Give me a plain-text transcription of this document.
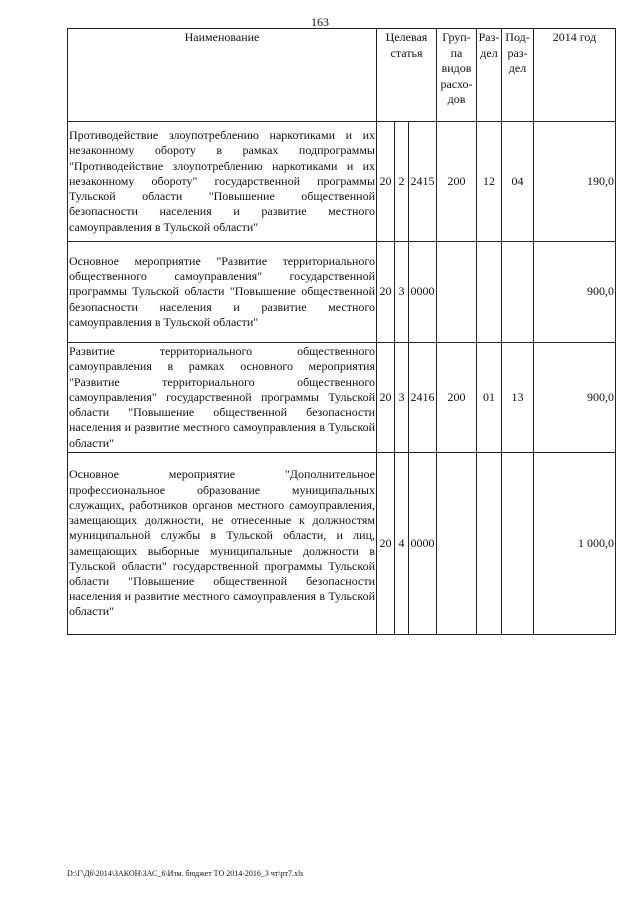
163
Наименование	Целевая статья			Груп-па видов расхо-дов	Раз-дел	Под-раз-дел	2014 год
Противодействие злоупотреблению наркотиками и их незаконному обороту в рамках подпрограммы "Противодействие злоупотреблению наркотиками и их незаконному обороту" государственной программы Тульской области "Повышение общественной безопасности населения и развитие местного самоуправления в Тульской области"	20	2	2415	200	12	04	190,0
Основное мероприятие "Развитие территориального общественного самоуправления" государственной программы Тульской области "Повышение общественной безопасности населения и развитие местного самоуправления в Тульской области"	20	3	0000				900,0
Развитие территориального общественного самоуправления в рамках основного мероприятия "Развитие территориального общественного самоуправления" государственной программы Тульской области "Повышение общественной безопасности населения и развитие местного самоуправления в Тульской области"	20	3	2416	200	01	13	900,0
Основное мероприятие "Дополнительное профессиональное образование муниципальных служащих, работников органов местного самоуправления, замещающих должности, не отнесенные к должностям муниципальной службы в Тульской области, и лиц, замещающих выборные муниципальные должности в Тульской области" государственной программы Тульской области "Повышение общественной безопасности населения и развитие местного самоуправления в Тульской области"	20	4	0000				1 000,0
D:\Г\Д6\2014\ЗАКОН\ЗАС_6\Изм. бюджет ТО 2014-2016_3 чт\рт7.xls
